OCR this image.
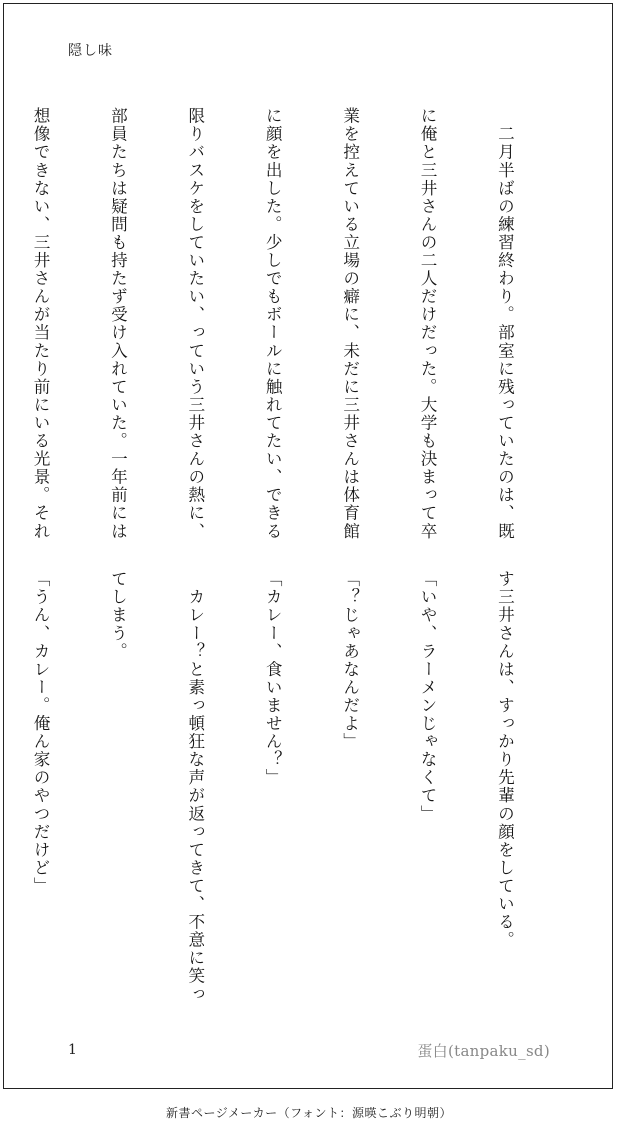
隠し味

　二月半ばの練習終わり。部室に残っていたのは、既

に俺と三井さんの二人だけだった。大学も決まって卒

業を控えている立場の癖に、未だに三井さんは体育館

に顔を出した。少しでもボールに触れてたい、できる

限りバスケをしていたい、っていう三井さんの熱に、

部員たちは疑問も持たず受け入れていた。一年前には

想像できない、三井さんが当たり前にいる光景。それ

す三井さんは、すっかり先輩の顔をしている。

「いや、ラーメンじゃなくて」

「？じゃあなんだよ」

「カレー、食いません？」

　カレー？と素っ頓狂な声が返ってきて、不意に笑っ

てしまう。

「うん、カレー。俺ん家のやつだけど」

1	蛋白(tanpaku_sd)
新書ページメーカー（フォント：源暎こぶり明朝）
